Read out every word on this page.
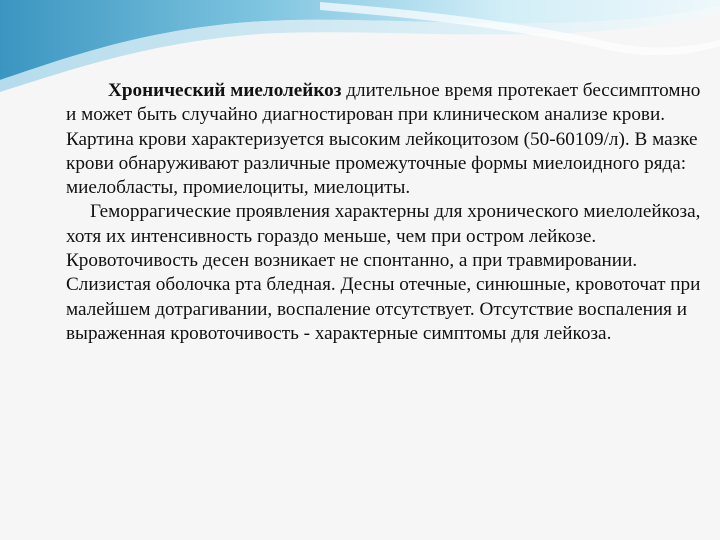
Хронический миелолейкоз длительное время протекает бессимптомно и может быть случайно диагностирован при клиническом анализе крови. Картина крови характеризуется высоким лейкоцитозом (50-60109/л). В мазке крови обнаруживают различные промежуточные формы миелоидного ряда: миелобласты, промиелоциты, миелоциты.

Геморрагические проявления характерны для хронического миелолейкоза, хотя их интенсивность гораздо меньше, чем при остром лейкозе. Кровоточивость десен возникает не спонтанно, а при травмировании. Слизистая оболочка рта бледная. Десны отечные, синюшные, кровоточат при малейшем дотрагивании, воспаление отсутствует. Отсутствие воспаления и выраженная кровоточивость - характерные симптомы для лейкоза.
